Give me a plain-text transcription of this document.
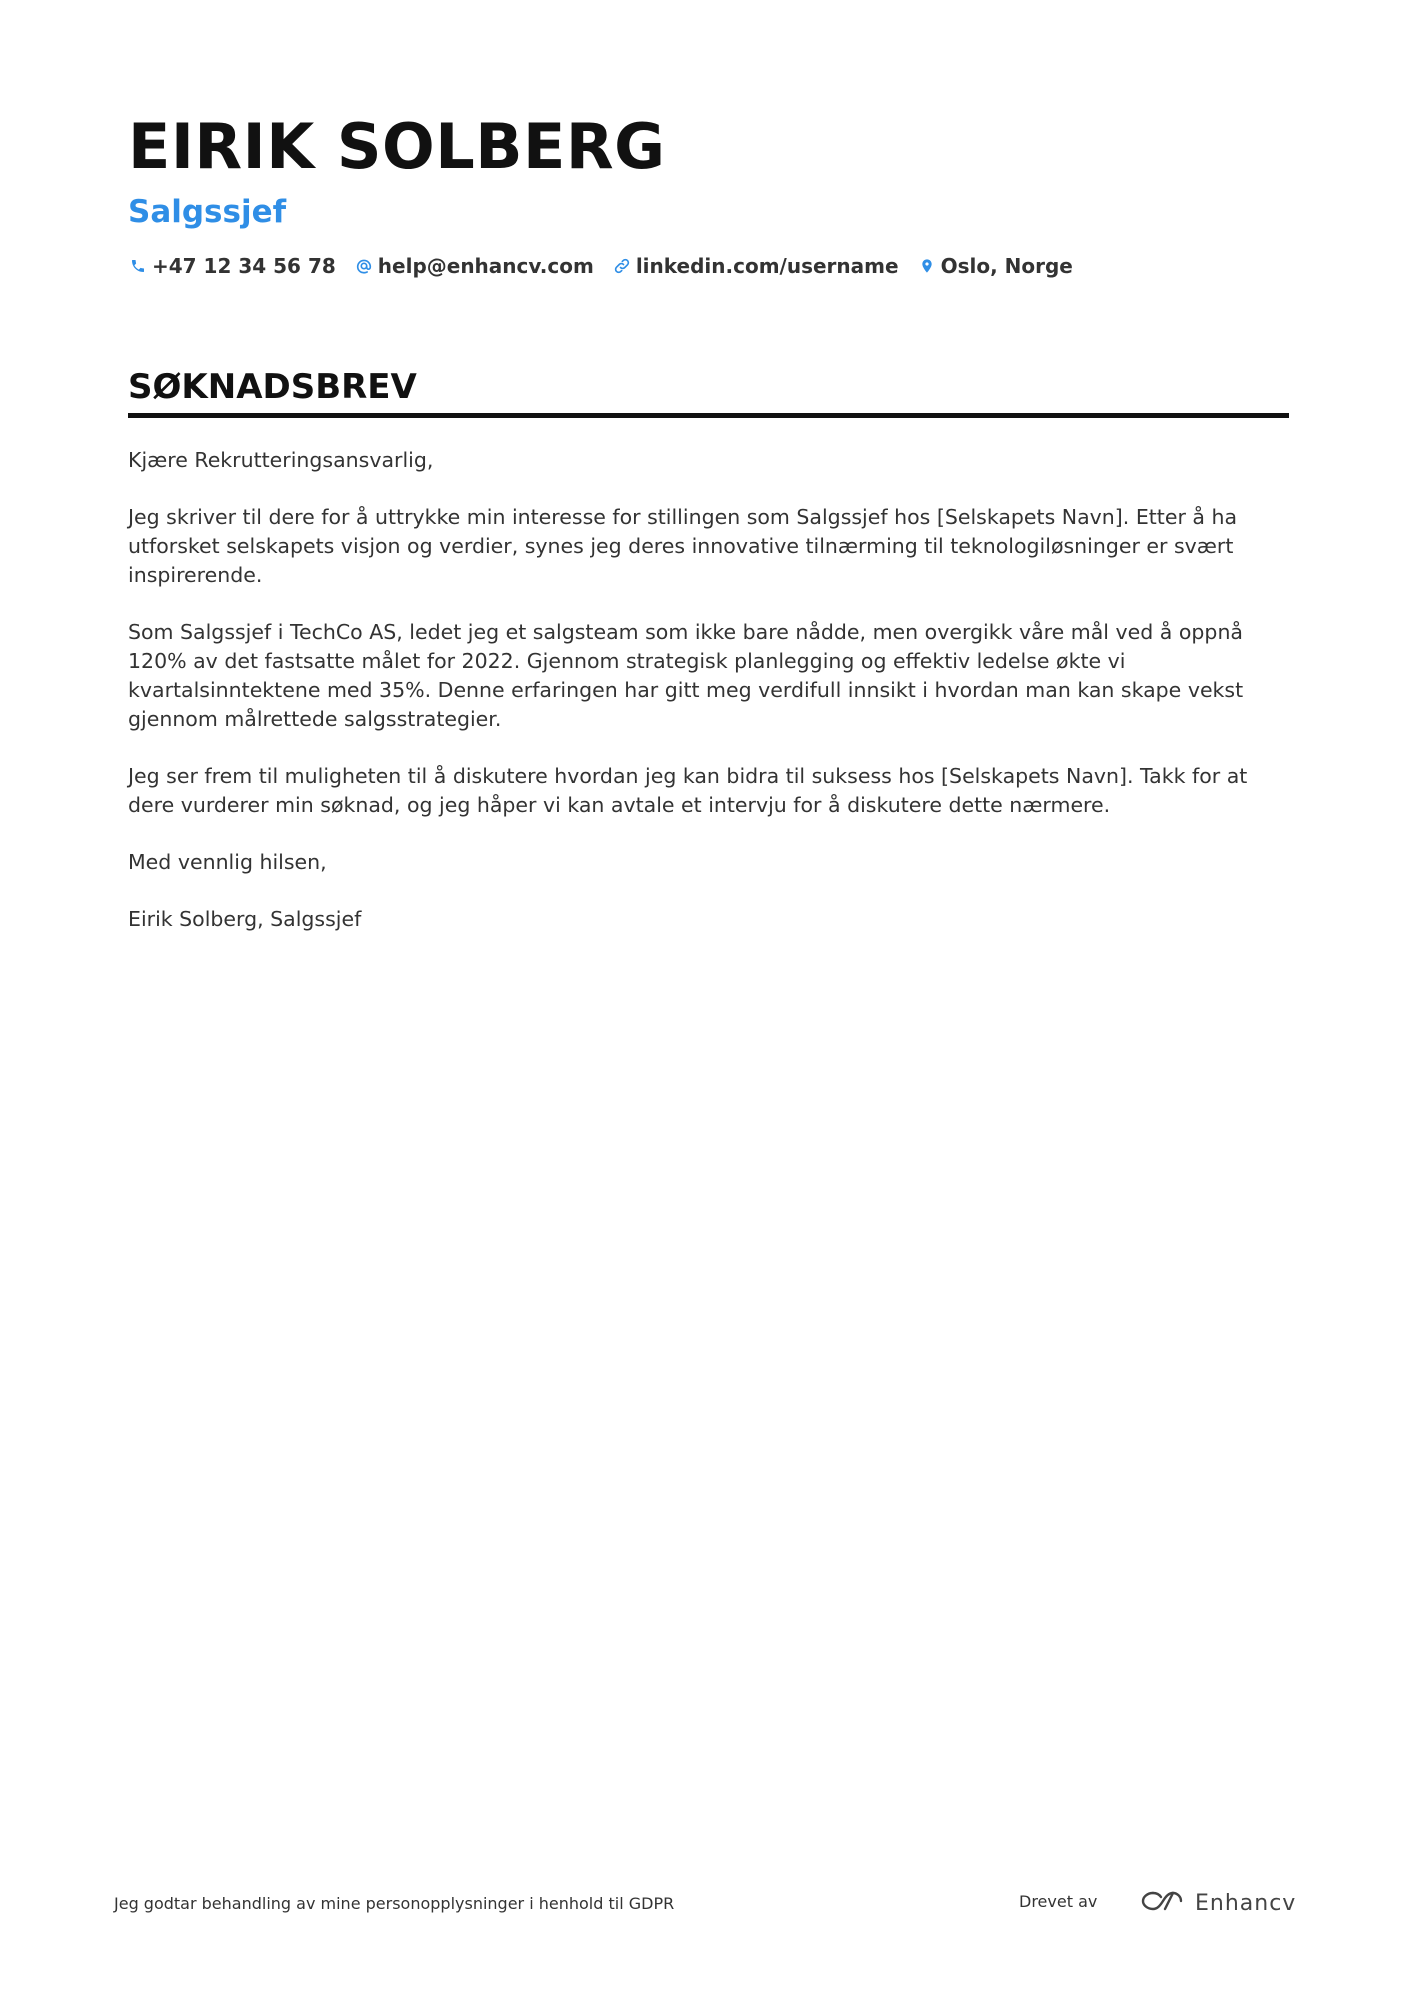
EIRIK SOLBERG
Salgssjef
+47 12 34 56 78 help@enhancv.com linkedin.com/username Oslo, Norge
SØKNADSBREV

Kjære Rekrutteringsansvarlig,

Jeg skriver til dere for å uttrykke min interesse for stillingen som Salgssjef hos [Selskapets Navn]. Etter å ha utforsket selskapets visjon og verdier, synes jeg deres innovative tilnærming til teknologiløsninger er svært inspirerende.

Som Salgssjef i TechCo AS, ledet jeg et salgsteam som ikke bare nådde, men overgikk våre mål ved å oppnå 120% av det fastsatte målet for 2022. Gjennom strategisk planlegging og effektiv ledelse økte vi kvartalsinntektene med 35%. Denne erfaringen har gitt meg verdifull innsikt i hvordan man kan skape vekst gjennom målrettede salgsstrategier.

Jeg ser frem til muligheten til å diskutere hvordan jeg kan bidra til suksess hos [Selskapets Navn]. Takk for at dere vurderer min søknad, og jeg håper vi kan avtale et intervju for å diskutere dette nærmere.

Med vennlig hilsen,

Eirik Solberg, Salgssjef

Jeg godtar behandling av mine personopplysninger i henhold til GDPR	Drevet av	Enhancv
